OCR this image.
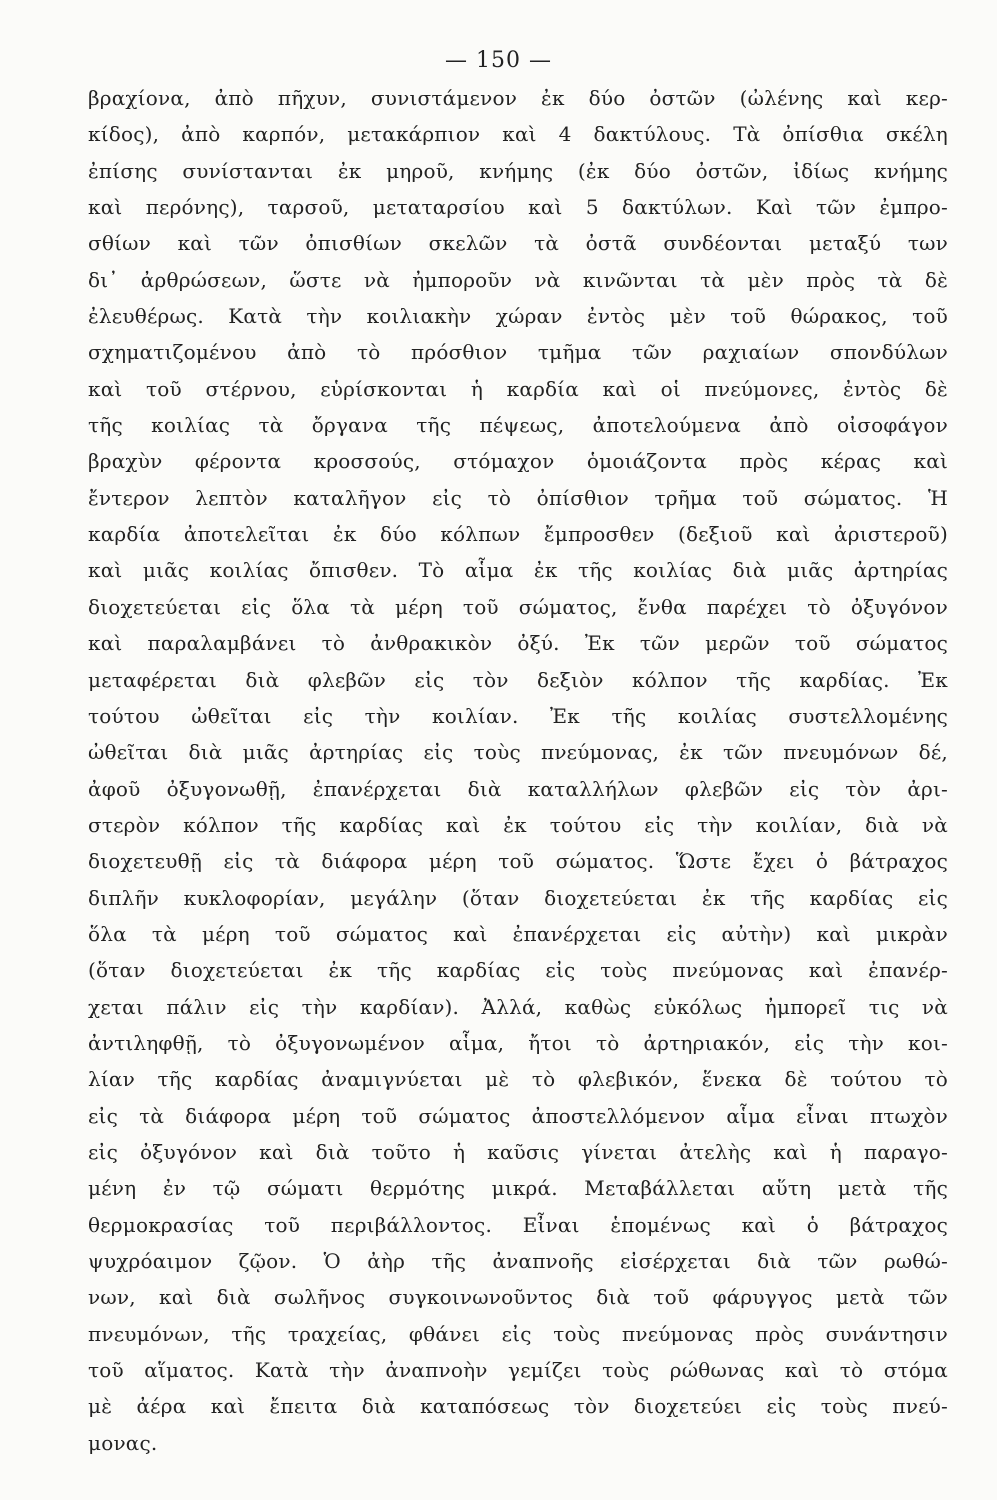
— 150 —
βραχίονα, ἀπὸ πῆχυν, συνιστάμενον ἐκ δύο ὀστῶν (ὠλένης καὶ κερ-
κίδος), ἀπὸ καρπόν, μετακάρπιον καὶ 4 δακτύλους. Τὰ ὀπίσθια σκέλη
ἐπίσης συνίστανται ἐκ μηροῦ, κνήμης (ἐκ δύο ὀστῶν, ἰδίως κνήμης
καὶ περόνης), ταρσοῦ, μεταταρσίου καὶ 5 δακτύλων. Καὶ τῶν ἐμπρο-
σθίων καὶ τῶν ὀπισθίων σκελῶν τὰ ὀστᾶ συνδέονται μεταξύ των
δι᾽ ἀρθρώσεων, ὥστε νὰ ἠμποροῦν νὰ κινῶνται τὰ μὲν πρὸς τὰ δὲ
ἐλευθέρως. Κατὰ τὴν κοιλιακὴν χώραν ἐντὸς μὲν τοῦ θώρακος, τοῦ
σχηματιζομένου ἀπὸ τὸ πρόσθιον τμῆμα τῶν ραχιαίων σπονδύλων
καὶ τοῦ στέρνου, εὑρίσκονται ἡ καρδία καὶ οἱ πνεύμονες, ἐντὸς δὲ
τῆς κοιλίας τὰ ὄργανα τῆς πέψεως, ἀποτελούμενα ἀπὸ οἰσοφάγον
βραχὺν φέροντα κροσσούς, στόμαχον ὁμοιάζοντα πρὸς κέρας καὶ
ἔντερον λεπτὸν καταλῆγον εἰς τὸ ὀπίσθιον τρῆμα τοῦ σώματος. Ἡ
καρδία ἀποτελεῖται ἐκ δύο κόλπων ἔμπροσθεν (δεξιοῦ καὶ ἀριστεροῦ)
καὶ μιᾶς κοιλίας ὄπισθεν. Τὸ αἷμα ἐκ τῆς κοιλίας διὰ μιᾶς ἀρτηρίας
διοχετεύεται εἰς ὅλα τὰ μέρη τοῦ σώματος, ἔνθα παρέχει τὸ ὀξυγόνον
καὶ παραλαμβάνει τὸ ἀνθρακικὸν ὀξύ. Ἐκ τῶν μερῶν τοῦ σώματος
μεταφέρεται διὰ φλεβῶν εἰς τὸν δεξιὸν κόλπον τῆς καρδίας. Ἐκ
τούτου ὠθεῖται εἰς τὴν κοιλίαν. Ἐκ τῆς κοιλίας συστελλομένης
ὠθεῖται διὰ μιᾶς ἀρτηρίας εἰς τοὺς πνεύμονας, ἐκ τῶν πνευμόνων δέ,
ἀφοῦ ὀξυγονωθῇ, ἐπανέρχεται διὰ καταλλήλων φλεβῶν εἰς τὸν ἀρι-
στερὸν κόλπον τῆς καρδίας καὶ ἐκ τούτου εἰς τὴν κοιλίαν, διὰ νὰ
διοχετευθῇ εἰς τὰ διάφορα μέρη τοῦ σώματος. Ὥστε ἔχει ὁ βάτραχος
διπλῆν κυκλοφορίαν, μεγάλην (ὅταν διοχετεύεται ἐκ τῆς καρδίας εἰς
ὅλα τὰ μέρη τοῦ σώματος καὶ ἐπανέρχεται εἰς αὐτὴν) καὶ μικρὰν
(ὅταν διοχετεύεται ἐκ τῆς καρδίας εἰς τοὺς πνεύμονας καὶ ἐπανέρ-
χεται πάλιν εἰς τὴν καρδίαν). Ἀλλά, καθὼς εὐκόλως ἠμπορεῖ τις νὰ
ἀντιληφθῇ, τὸ ὀξυγονωμένον αἷμα, ἤτοι τὸ ἀρτηριακόν, εἰς τὴν κοι-
λίαν τῆς καρδίας ἀναμιγνύεται μὲ τὸ φλεβικόν, ἕνεκα δὲ τούτου τὸ
εἰς τὰ διάφορα μέρη τοῦ σώματος ἀποστελλόμενον αἷμα εἶναι πτωχὸν
εἰς ὀξυγόνον καὶ διὰ τοῦτο ἡ καῦσις γίνεται ἀτελὴς καὶ ἡ παραγο-
μένη ἐν τῷ σώματι θερμότης μικρά. Μεταβάλλεται αὕτη μετὰ τῆς
θερμοκρασίας τοῦ περιβάλλοντος. Εἶναι ἑπομένως καὶ ὁ βάτραχος
ψυχρόαιμον ζῷον. Ὁ ἀὴρ τῆς ἀναπνοῆς εἰσέρχεται διὰ τῶν ρωθώ-
νων, καὶ διὰ σωλῆνος συγκοινωνοῦντος διὰ τοῦ φάρυγγος μετὰ τῶν
πνευμόνων, τῆς τραχείας, φθάνει εἰς τοὺς πνεύμονας πρὸς συνάντησιν
τοῦ αἵματος. Κατὰ τὴν ἀναπνοὴν γεμίζει τοὺς ρώθωνας καὶ τὸ στόμα
μὲ ἀέρα καὶ ἔπειτα διὰ καταπόσεως τὸν διοχετεύει εἰς τοὺς πνεύ-
μονας.
